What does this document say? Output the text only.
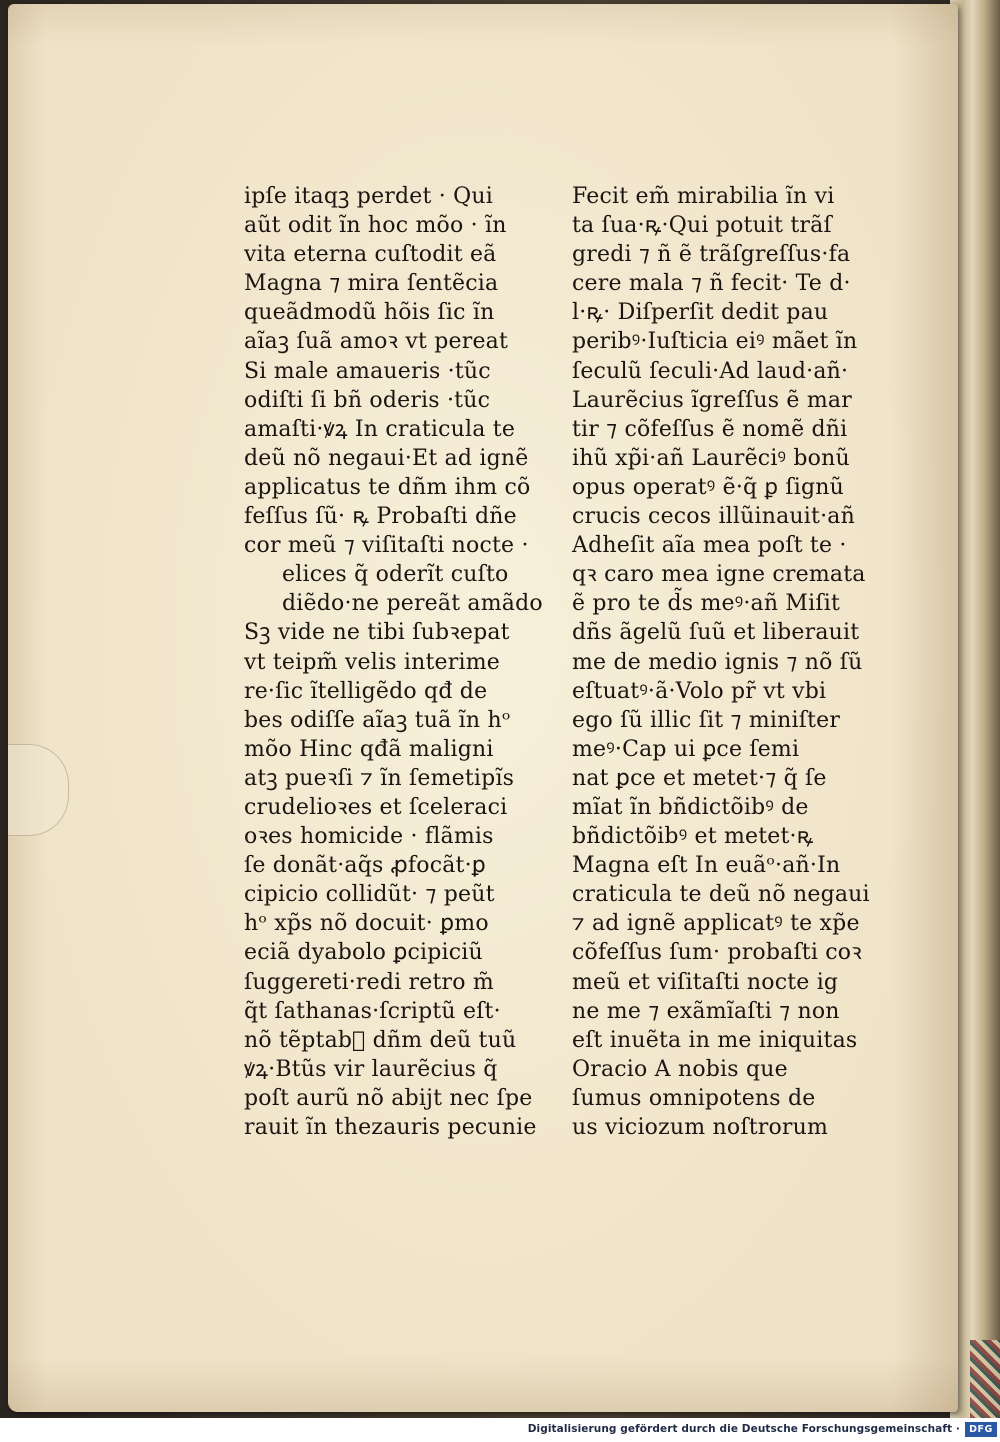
ipſe itaqꝫ perdet · Qui
aũt odit ĩn hoc mõo · ĩn
vita eterna cuſtodit eã
Magna ⁊ mira ſentẽcia
queãdmodũ hõis ſic ĩn
aĩaꝫ ſuã amoꝛ vt pereat
Si male amaueris ·tũc
odiſti ſi bñ oderis ·tũc
amaſti·ꝟꝝ In craticula te
deũ nõ negaui·Et ad ignẽ
applicatus te dñm ihm cõ
feſſus ſũ· ꝶ Probaſti dñe
cor meũ ⁊ viſitaſti nocte ·
elices q̃ oderĩt cuſto
diẽdo·ne pereãt amãdo
Sꝫ vide ne tibi ſubꝛepat
vt teipm̃ velis interime
re·ſic ĩtelligẽdo qđ de
bes odiſſe aĩaꝫ tuã ĩn hᵒ
mõo Hinc qđã maligni
atꝫ pueꝛſi ⁊ ĩn ſemetipĩs
crudelioꝛes et ſceleraci
oꝛes homicide · flãmis
ſe donãt·aq̃s ꝓfocãt·ꝑ
cipicio collidũt· ⁊ peũt
hᵒ xp̃s nõ docuit· ꝑmo
eciã dyabolo ꝑcipiciũ
ſuggereti·redi retro m̃
q̃t ſathanas·ſcriptũ eſt·
nõ tẽptab᷑ dñm deũ tuũ
ꝟꝝ·Btũs vir laurẽcius q̃
poſt aurũ nõ abijt nec ſpe
rauit ĩn thezauris pecunie
Fecit em̃ mirabilia ĩn vi
ta ſua·ꝶ·Qui potuit trãſ
gredi ⁊ ñ ẽ trãſgreſſus·fa
cere mala ⁊ ñ fecit· Te d·
l·ꝶ· Diſperſit dedit pau
peribꝰ·Iuſticia eiꝰ mãet ĩn
ſeculũ ſeculi·Ad laud·añ·
Laurẽcius ĩgreſſus ẽ mar
tir ⁊ cõfeſſus ẽ nomẽ dñi
ihũ xp̃i·añ Laurẽciꝰ bonũ
opus operatꝰ ẽ·q̃ ꝑ ſignũ
crucis cecos illũinauit·añ
Adheſit aĩa mea poſt te ·
qꝛ caro mea igne cremata
ẽ pro te d̃s meꝰ·añ Miſit
dñs ãgelũ ſuũ et liberauit
me de medio ignis ⁊ nõ ſũ
eſtuatꝰ·ã·Volo pr̃ vt vbi
ego ſũ illic ſit ⁊ miniſter
meꝰ·Cap ui ꝑce ſemi
nat ꝑce et metet·⁊ q̃ ſe
mĩat ĩn bñdictõibꝰ de
bñdictõibꝰ et metet·ꝶ
Magna eſt In euãᵒ·añ·In
craticula te deũ nõ negaui
⁊ ad ignẽ applicatꝰ te xp̃e
cõfeſſus ſum· probaſti coꝛ
meũ et viſitaſti nocte ig
ne me ⁊ exãmĩaſti ⁊ non
eſt inuẽta in me iniquitas
Oracio A nobis que
ſumus omnipotens de
us viciozum noſtrorum
Digitalisierung gefördert durch die Deutsche Forschungsgemeinschaft · DFG
